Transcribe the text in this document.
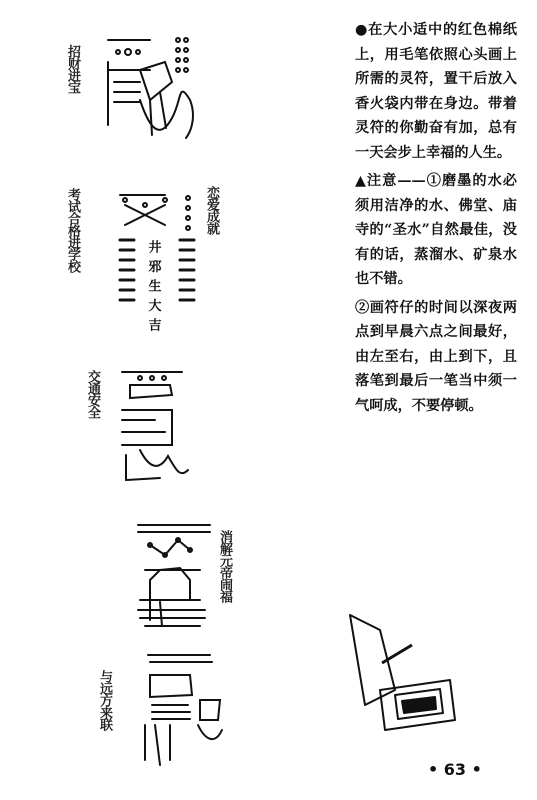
井 邪 生 大 吉
招财进宝
考试合格进学校	恋爱成就
交通安全
消解元帝闹福
与远方来联

●在大小适中的红色棉纸上，用毛笔依照心头画上所需的灵符，置干后放入香火袋内带在身边。带着灵符的你勤奋有加，总有一天会步上幸福的人生。

▲注意——①磨墨的水必须用洁净的水、佛堂、庙寺的“圣水”自然最佳，没有的话，蒸溜水、矿泉水也不错。

②画符仔的时间以深夜两点到早晨六点之间最好，由左至右，由上到下，且落笔到最后一笔当中须一气呵成，不要停顿。

• 63 •
